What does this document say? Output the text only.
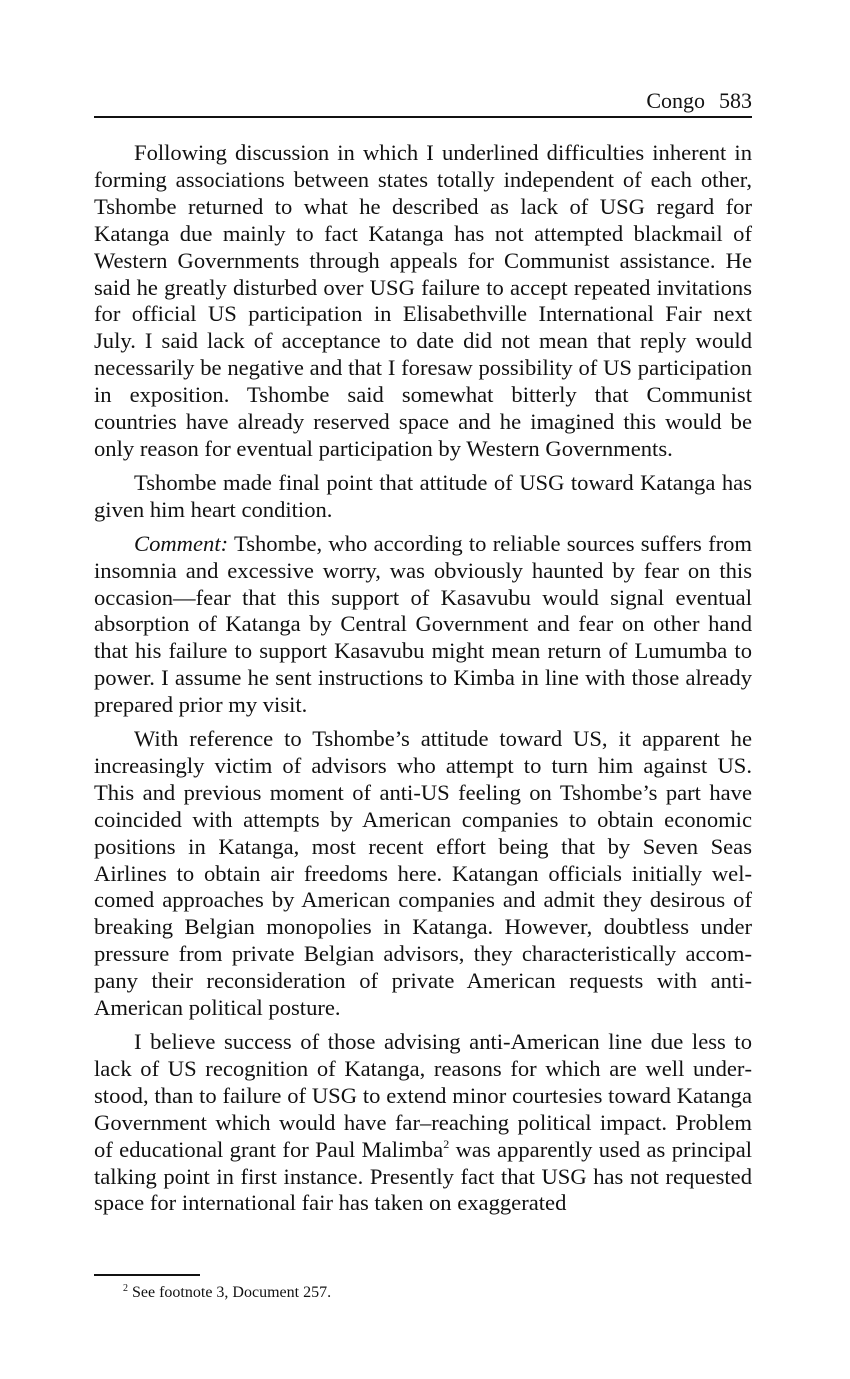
Congo 583

Following discussion in which I underlined difficulties inherent in forming associations between states totally independent of each other, Tshombe returned to what he described as lack of USG regard for Katanga due mainly to fact Katanga has not attempted blackmail of Western Governments through appeals for Communist assistance. He said he greatly disturbed over USG failure to accept repeated invitations for official US participation in Elisabethville International Fair next July. I said lack of acceptance to date did not mean that reply would necessarily be negative and that I foresaw possibility of US participation in exposition. Tshombe said somewhat bitterly that Communist countries have already reserved space and he imagined this would be only reason for eventual participation by Western Governments.

Tshombe made final point that attitude of USG toward Katanga has given him heart condition.

Comment: Tshombe, who according to reliable sources suffers from insomnia and excessive worry, was obviously haunted by fear on this occasion—fear that this support of Kasavubu would signal eventual absorption of Katanga by Central Government and fear on other hand that his failure to support Kasavubu might mean return of Lumumba to power. I assume he sent instructions to Kimba in line with those already prepared prior my visit.

With reference to Tshombe’s attitude toward US, it apparent he increasingly victim of advisors who attempt to turn him against US. This and previous moment of anti-US feeling on Tshombe’s part have coincided with attempts by American companies to obtain economic positions in Katanga, most recent effort being that by Seven Seas Airlines to obtain air freedoms here. Katangan officials initially welcomed approaches by American companies and admit they desirous of breaking Belgian monopolies in Katanga. However, doubtless under pressure from private Belgian advisors, they characteristically accompany their reconsideration of private American requests with anti-American political posture.

I believe success of those advising anti-American line due less to lack of US recognition of Katanga, reasons for which are well understood, than to failure of USG to extend minor courtesies toward Katanga Government which would have far–reaching political impact. Problem of educational grant for Paul Malimba$^2$ was apparently used as principal talking point in first instance. Presently fact that USG has not requested space for international fair has taken on exaggerated

$^2$ See footnote 3, Document 257.
